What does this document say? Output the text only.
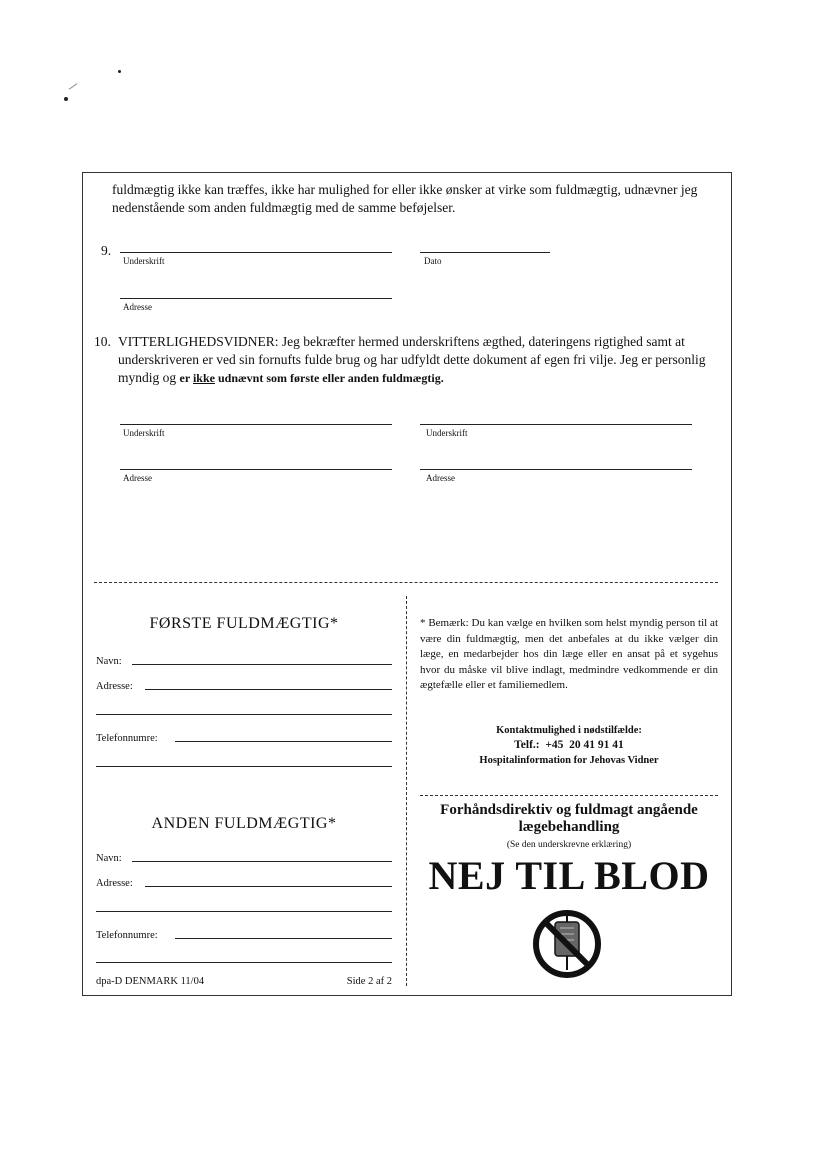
fuldmægtig ikke kan træffes, ikke har mulighed for eller ikke ønsker at virke som fuldmægtig, udnævner jeg nedenstående som anden fuldmægtig med de samme beføjelser.
9.
Underskrift	Dato
Adresse
10. VITTERLIGHEDSVIDNER: Jeg bekræfter hermed underskriftens ægthed, dateringens rigtighed samt at underskriveren er ved sin fornufts fulde brug og har udfyldt dette dokument af egen fri vilje. Jeg er personlig myndig og er ikke udnævnt som første eller anden fuldmægtig.
Underskrift	Underskrift
Adresse	Adresse
FØRSTE FULDMÆGTIG*
Navn:
Adresse:
Telefonnumre:
ANDEN FULDMÆGTIG*
Navn:
Adresse:
Telefonnumre:
dpa-D DENMARK 11/04	Side 2 af 2
* Bemærk: Du kan vælge en hvilken som helst myndig person til at være din fuldmægtig, men det anbefales at du ikke vælger din læge, en medarbejder hos din læge eller en ansat på et sygehus hvor du måske vil blive indlagt, medmindre vedkommende er din ægtefælle eller et familiemedlem.
Kontaktmulighed i nødstilfælde:
Telf.:  +45  20 41 91 41
Hospitalinformation for Jehovas Vidner
Forhåndsdirektiv og fuldmagt angående lægebehandling
(Se den underskrevne erklæring)
NEJ TIL BLOD
